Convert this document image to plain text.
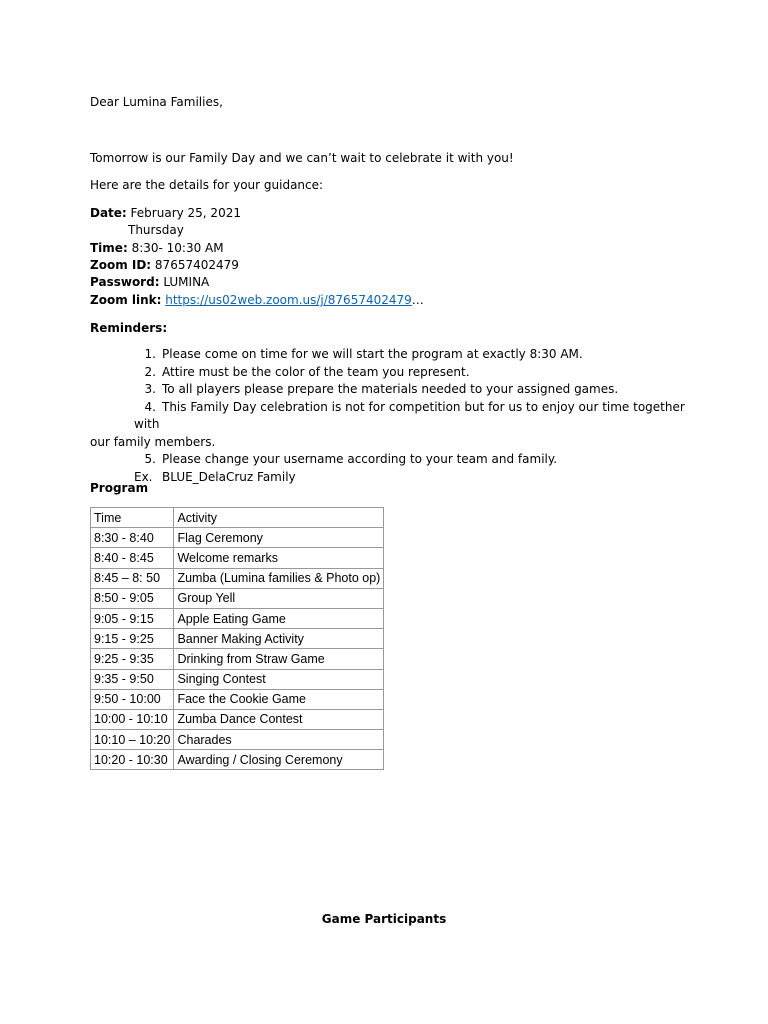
Dear Lumina Families,
Tomorrow is our Family Day and we can’t wait to celebrate it with you!
Here are the details for your guidance:
Date: February 25, 2021
Thursday
Time: 8:30- 10:30 AM
Zoom ID: 87657402479
Password: LUMINA
Zoom link: https://us02web.zoom.us/j/87657402479…
Reminders:
1. Please come on time for we will start the program at exactly 8:30 AM.
2. Attire must be the color of the team you represent.
3. To all players please prepare the materials needed to your assigned games.
4. This Family Day celebration is not for competition but for us to enjoy our time together with
our family members.
5. Please change your username according to your team and family.
Ex. BLUE_DelaCruz Family
Program
Time	Activity
8:30 - 8:40	Flag Ceremony
8:40 - 8:45	Welcome remarks
8:45 – 8: 50	Zumba (Lumina families & Photo op)
8:50 - 9:05	Group Yell
9:05 - 9:15	Apple Eating Game
9:15 - 9:25	Banner Making Activity
9:25 - 9:35	Drinking from Straw Game
9:35 - 9:50	Singing Contest
9:50 - 10:00	Face the Cookie Game
10:00 - 10:10	Zumba Dance Contest
10:10 – 10:20	Charades
10:20 - 10:30	Awarding / Closing Ceremony
Game Participants
